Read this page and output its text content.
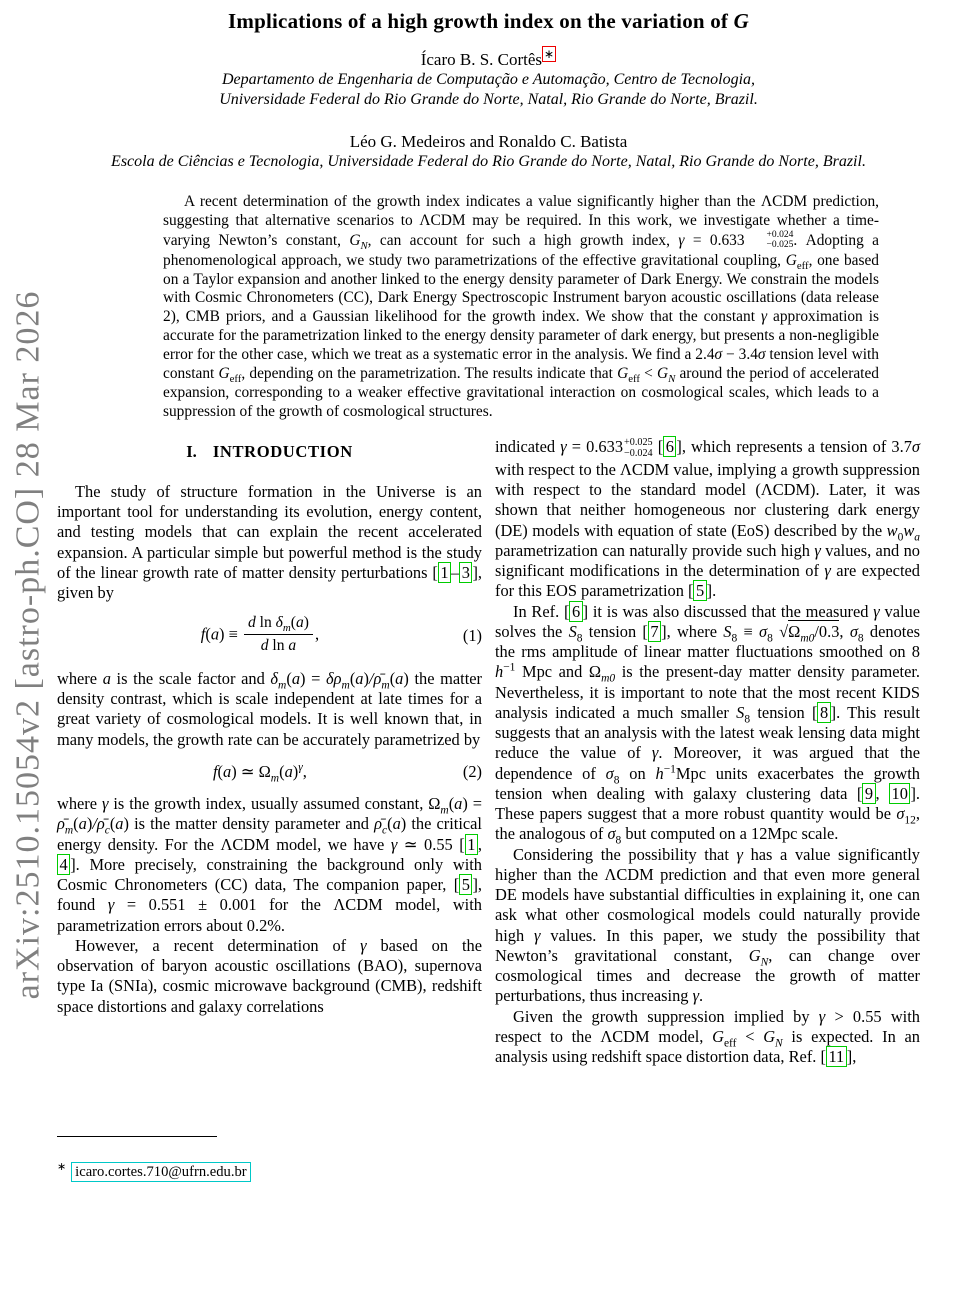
arXiv:2510.15054v2 [astro-ph.CO] 28 Mar 2026
Implications of a high growth index on the variation of G
Ícaro B. S. Cortês ∗
Departamento de Engenharia de Computação e Automação, Centro de Tecnologia,
Universidade Federal do Rio Grande do Norte, Natal, Rio Grande do Norte, Brazil.
Léo G. Medeiros and Ronaldo C. Batista
Escola de Ciências e Tecnologia, Universidade Federal do Rio Grande do Norte, Natal, Rio Grande do Norte, Brazil.
A recent determination of the growth index indicates a value significantly higher than the ΛCDM prediction, suggesting that alternative scenarios to ΛCDM may be required. In this work, we investigate whether a time-varying Newton’s constant, $G_N$, can account for such a high growth index, γ = 0.633	+0.024
−0.025 . Adopting a phenomenological approach, we study two parametrizations of the effective gravitational coupling, $G_{eff}$, one based on a Taylor expansion and another linked to the energy density parameter of Dark Energy. We constrain the models with Cosmic Chronometers (CC), Dark Energy Spectroscopic Instrument baryon acoustic oscillations (data release 2), CMB priors, and a Gaussian likelihood for the growth index. We show that the constant γ approximation is accurate for the parametrization linked to the energy density parameter of dark energy, but presents a non-negligible error for the other case, which we treat as a systematic error in the analysis. We find a 2.4σ − 3.4σ tension level with constant $G_{eff}$, depending on the parametrization. The results indicate that $G_{eff} < G_N$ around the period of accelerated expansion, corresponding to a weaker effective gravitational interaction on cosmological scales, which leads to a suppression of the growth of cosmological structures.
I. INTRODUCTION

The study of structure formation in the Universe is an important tool for understanding its evolution, energy content, and testing models that can explain the recent accelerated expansion. A particular simple but powerful method is the study of the linear growth rate of matter density perturbations [ 1 – 3 ], given by

$f(a) \equiv \frac{d \ln \delta_m(a)}{\text{d ln a}}$ ,	(1)

where a is the scale factor and $\delta_m(a)$ = $\delta\rho_m(a)/\rhō_m(a)$ the matter density contrast, which is scale independent at late times for a great variety of cosmological models. It is well known that, in many models, the growth rate can be accurately parametrized by

f(a) ≃ $\Omega_m(a)^\gamma$,	(2)

where γ is the growth index, usually assumed constant, $\Omega_m(a)$ = $\rhō_m(a)/\rhō_c(a)$ is the matter density parameter and $\rhō_c(a)$ the critical energy density. For the ΛCDM model, we have γ ≃ 0.55 [ 1 , 4 ]. More precisely, constraining the background only with Cosmic Chronometers (CC) data, The companion paper, [ 5 ], found γ = 0.551 ± 0.001 for the ΛCDM model, with parametrization errors about 0.2%.

However, a recent determination of γ based on the observation of baryon acoustic oscillations (BAO), supernova type Ia (SNIa), cosmic microwave background (CMB), redshift space distortions and galaxy correlations

indicated γ = 0.633 +0.025
−0.024 [ 6 ], which represents a tension of 3.7σ with respect to the ΛCDM value, implying a growth suppression with respect to the standard model (ΛCDM). Later, it was shown that neither homogeneous nor clustering dark energy (DE) models with equation of state (EoS) described by the $w_0w_a$ parametrization can naturally provide such high γ values, and no significant modifications in the determination of γ are expected for this EOS parametrization [ 5 ].

In Ref. [ 6 ] it is was also discussed that the measured γ value solves the $S_8$ tension [ 7 ], where $S_8 \equiv \sigma_8$ $√\Omega_{m0}/0.3$, $\sigma_8$ denotes the rms amplitude of linear matter fluctuations smoothed on 8 $h^{-1}$ Mpc and $\Omega_{m0}$ is the present-day matter density parameter. Nevertheless, it is important to note that the most recent KIDS analysis indicated a much smaller $S_8$ tension [ 8 ]. This result suggests that an analysis with the latest weak lensing data might reduce the value of γ. Moreover, it was argued that the dependence of $\sigma_8$ on $h^{-1}Mpc$ units exacerbates the growth tension when dealing with galaxy clustering data [ 9 , 10 ]. These papers suggest that a more robust quantity would be $\sigma_{12}$, the analogous of $\sigma_8$ but computed on a 12Mpc scale.

Considering the possibility that γ has a value significantly higher than the ΛCDM prediction and that even more general DE models have substantial difficulties in explaining it, one can ask what other cosmological models could naturally provide high γ values. In this paper, we study the possibility that Newton’s gravitational constant, $G_N$, can change over cosmological times and decrease the growth of matter perturbations, thus increasing γ.

Given the growth suppression implied by γ > 0.55 with respect to the ΛCDM model, $G_{eff} < G_N$ is expected. In an analysis using redshift space distortion data, Ref. [ 11 ],

∗ icaro.cortes.710@ufrn.edu.br
